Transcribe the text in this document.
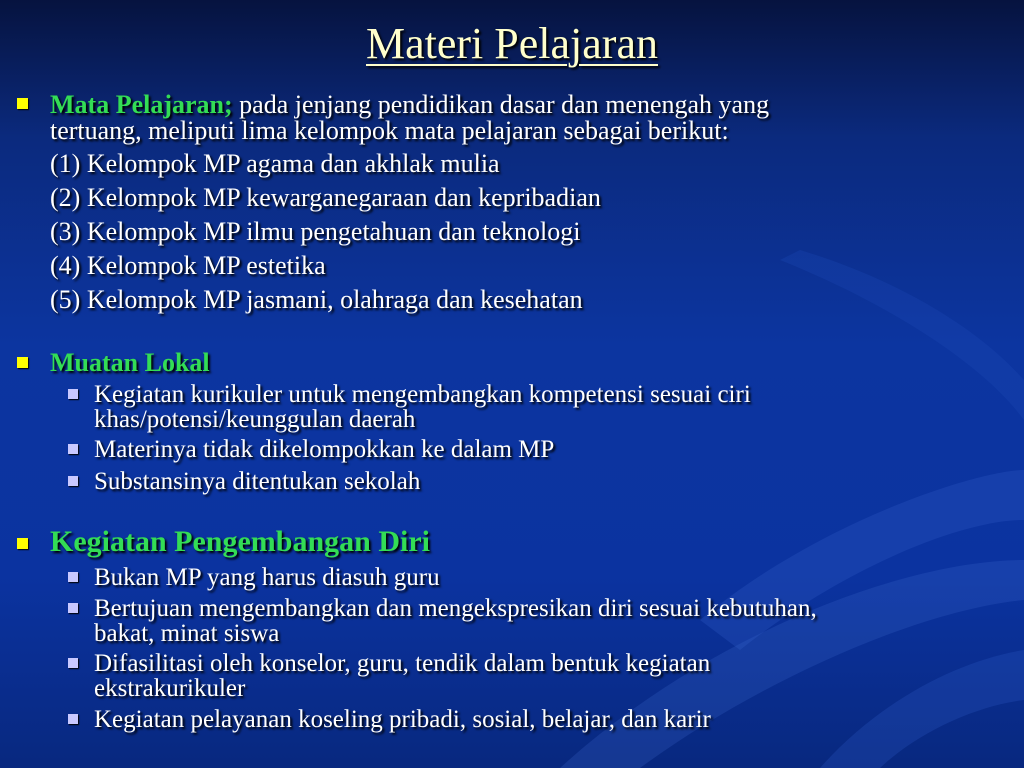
Materi Pelajaran
Mata Pelajaran; pada jenjang pendidikan dasar dan menengah yang
tertuang, meliputi lima kelompok mata pelajaran sebagai berikut:
(1) Kelompok MP agama dan akhlak mulia
(2) Kelompok MP kewarganegaraan dan kepribadian
(3) Kelompok MP ilmu pengetahuan dan teknologi
(4) Kelompok MP estetika
(5) Kelompok MP jasmani, olahraga dan kesehatan
Muatan Lokal
Kegiatan kurikuler untuk mengembangkan kompetensi sesuai ciri
khas/potensi/keunggulan daerah
Materinya tidak dikelompokkan ke dalam MP
Substansinya ditentukan sekolah
Kegiatan Pengembangan Diri
Bukan MP yang harus diasuh guru
Bertujuan mengembangkan dan mengekspresikan diri sesuai kebutuhan,
bakat, minat siswa
Difasilitasi oleh konselor, guru, tendik dalam bentuk kegiatan
ekstrakurikuler
Kegiatan pelayanan koseling pribadi, sosial, belajar, dan karir
